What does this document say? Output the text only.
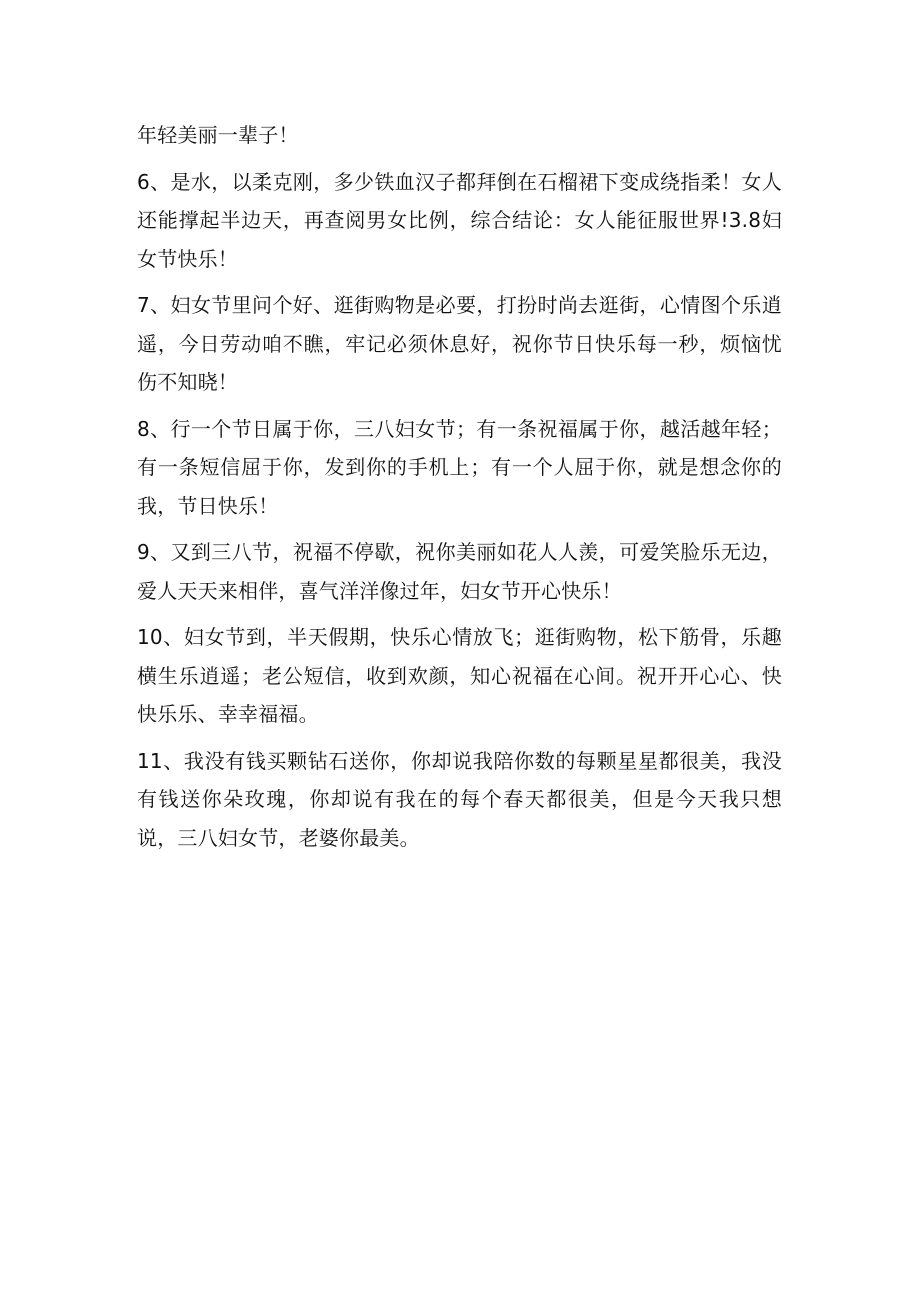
年轻美丽一辈子！

6、是水，以柔克刚，多少铁血汉子都拜倒在石榴裙下变成绕指柔！女人还能撑起半边天，再查阅男女比例，综合结论：女人能征服世界!3.8妇女节快乐！

7、妇女节里问个好、逛街购物是必要，打扮时尚去逛街，心情图个乐逍遥，今日劳动咱不瞧，牢记必须休息好，祝你节日快乐每一秒，烦恼忧伤不知晓！

8、行一个节日属于你，三八妇女节；有一条祝福属于你，越活越年轻；有一条短信屈于你，发到你的手机上；有一个人屈于你，就是想念你的我，节日快乐！

9、又到三八节，祝福不停歇，祝你美丽如花人人羡，可爱笑脸乐无边，爱人天天来相伴，喜气洋洋像过年，妇女节开心快乐！

10、妇女节到，半天假期，快乐心情放飞；逛街购物，松下筋骨，乐趣横生乐逍遥；老公短信，收到欢颜，知心祝福在心间。祝开开心心、快快乐乐、幸幸福福。

11、我没有钱买颗钻石送你，你却说我陪你数的每颗星星都很美，我没有钱送你朵玫瑰，你却说有我在的每个春天都很美，但是今天我只想说，三八妇女节，老婆你最美。
